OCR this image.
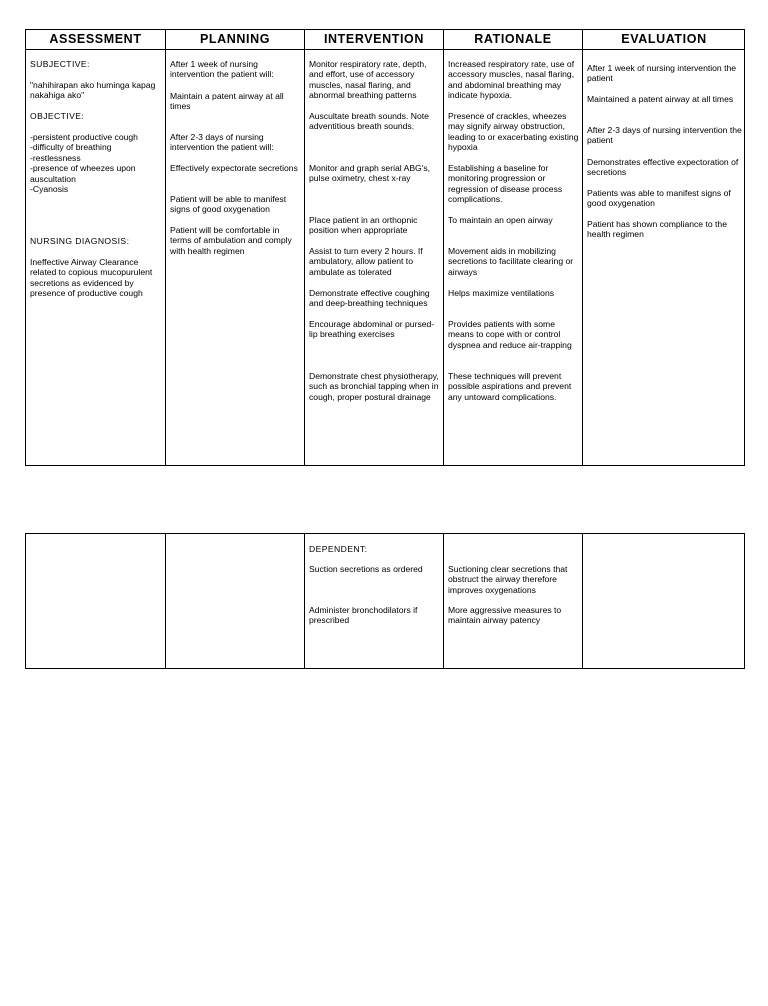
ASSESSMENT
SUBJECTIVE:
"nahihirapan ako huminga kapag nakahiga ako"
OBJECTIVE:
-persistent productive cough
-difficulty of breathing
-restlessness
-presence of wheezes upon auscultation
-Cyanosis
NURSING DIAGNOSIS:
Ineffective Airway Clearance related to copious mucopurulent secretions as evidenced by presence of productive cough
PLANNING
After 1 week of nursing intervention the patient will:
Maintain a patent airway at all times
After 2-3 days of nursing intervention the patient will:
Effectively expectorate secretions
Patient will be able to manifest signs of good oxygenation
Patient will be comfortable in terms of ambulation and comply with health regimen
INTERVENTION
Monitor respiratory rate, depth, and effort, use of accessory muscles, nasal flaring, and abnormal breathing patterns
Auscultate breath sounds. Note adventitious breath sounds.
Monitor and graph serial ABG's, pulse oximetry, chest x-ray
Place patient in an orthopnic position when appropriate
Assist to turn every 2 hours. If ambulatory, allow patient to ambulate as tolerated
Demonstrate effective coughing and deep-breathing techniques
Encourage abdominal or pursed-lip breathing exercises
Demonstrate chest physiotherapy, such as bronchial tapping when in cough, proper postural drainage
RATIONALE
Increased respiratory rate, use of accessory muscles, nasal flaring, and abdominal breathing may indicate hypoxia.
Presence of crackles, wheezes may signify airway obstruction, leading to or exacerbating existing hypoxia
Establishing a baseline for monitoring progression or regression of disease process complications.
To maintain an open airway
Movement aids in mobilizing secretions to facilitate clearing or airways
Helps maximize ventilations
Provides patients with some means to cope with or control dyspnea and reduce air-trapping
These techniques will prevent possible aspirations and prevent any untoward complications.
EVALUATION
After 1 week of nursing intervention the patient
Maintained a patent airway at all times
After 2-3 days of nursing intervention the patient
Demonstrates effective expectoration of secretions
Patients was able to manifest signs of good oxygenation
Patient has shown compliance to the health regimen
DEPENDENT:
Suction secretions as ordered
Administer bronchodilators if prescribed
Suctioning clear secretions that obstruct the airway therefore improves oxygenations
More aggressive measures to maintain airway patency
